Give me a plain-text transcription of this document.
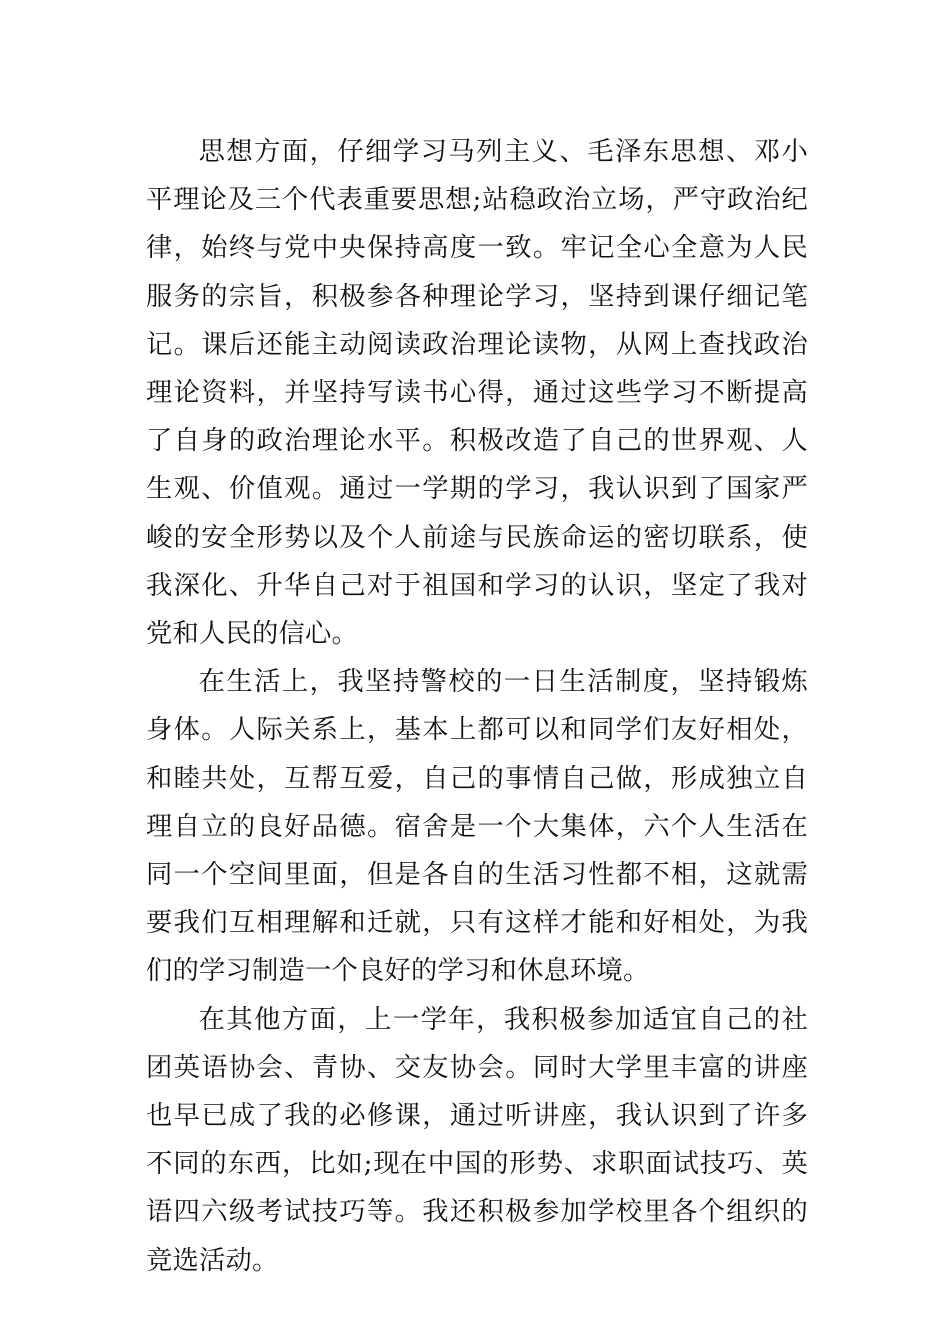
思想方面，仔细学习马列主义、毛泽东思想、邓小平理论及三个代表重要思想;站稳政治立场，严守政治纪律，始终与党中央保持高度一致。牢记全心全意为人民服务的宗旨，积极参各种理论学习，坚持到课仔细记笔记。课后还能主动阅读政治理论读物，从网上查找政治理论资料，并坚持写读书心得，通过这些学习不断提高了自身的政治理论水平。积极改造了自己的世界观、人生观、价值观。通过一学期的学习，我认识到了国家严峻的安全形势以及个人前途与民族命运的密切联系，使我深化、升华自己对于祖国和学习的认识，坚定了我对党和人民的信心。

在生活上，我坚持警校的一日生活制度，坚持锻炼身体。人际关系上，基本上都可以和同学们友好相处，和睦共处，互帮互爱，自己的事情自己做，形成独立自理自立的良好品德。宿舍是一个大集体，六个人生活在同一个空间里面，但是各自的生活习性都不相，这就需要我们互相理解和迁就，只有这样才能和好相处，为我们的学习制造一个良好的学习和休息环境。

在其他方面，上一学年，我积极参加适宜自己的社团英语协会、青协、交友协会。同时大学里丰富的讲座也早已成了我的必修课，通过听讲座，我认识到了许多不同的东西，比如;现在中国的形势、求职面试技巧、英语四六级考试技巧等。我还积极参加学校里各个组织的竞选活动。
